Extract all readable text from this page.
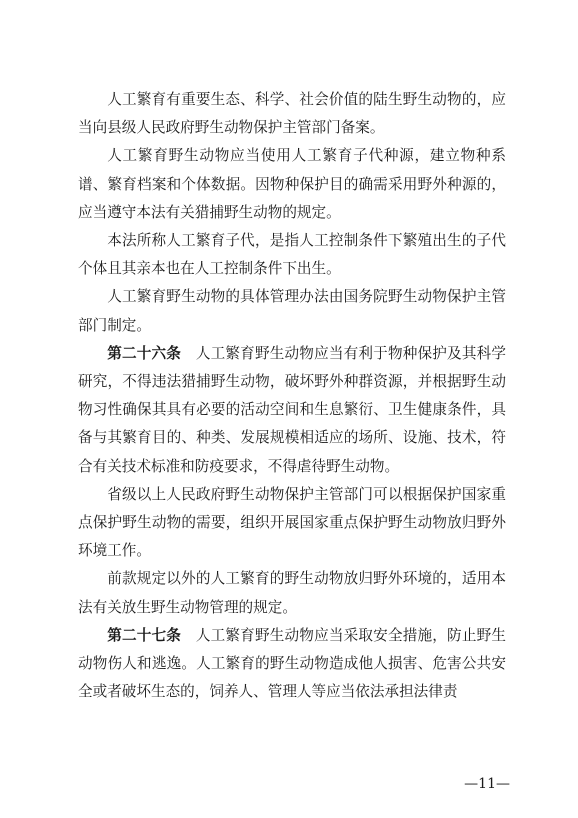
人工繁育有重要生态、科学、社会价值的陆生野生动物的，应当向县级人民政府野生动物保护主管部门备案。

人工繁育野生动物应当使用人工繁育子代种源，建立物种系谱、繁育档案和个体数据。因物种保护目的确需采用野外种源的，应当遵守本法有关猎捕野生动物的规定。

本法所称人工繁育子代，是指人工控制条件下繁殖出生的子代个体且其亲本也在人工控制条件下出生。

人工繁育野生动物的具体管理办法由国务院野生动物保护主管部门制定。

第二十六条 人工繁育野生动物应当有利于物种保护及其科学研究，不得违法猎捕野生动物，破坏野外种群资源，并根据野生动物习性确保其具有必要的活动空间和生息繁衍、卫生健康条件，具备与其繁育目的、种类、发展规模相适应的场所、设施、技术，符合有关技术标准和防疫要求，不得虐待野生动物。

省级以上人民政府野生动物保护主管部门可以根据保护国家重点保护野生动物的需要，组织开展国家重点保护野生动物放归野外环境工作。

前款规定以外的人工繁育的野生动物放归野外环境的，适用本法有关放生野生动物管理的规定。

第二十七条 人工繁育野生动物应当采取安全措施，防止野生动物伤人和逃逸。人工繁育的野生动物造成他人损害、危害公共安全或者破坏生态的，饲养人、管理人等应当依法承担法律责

—11—
